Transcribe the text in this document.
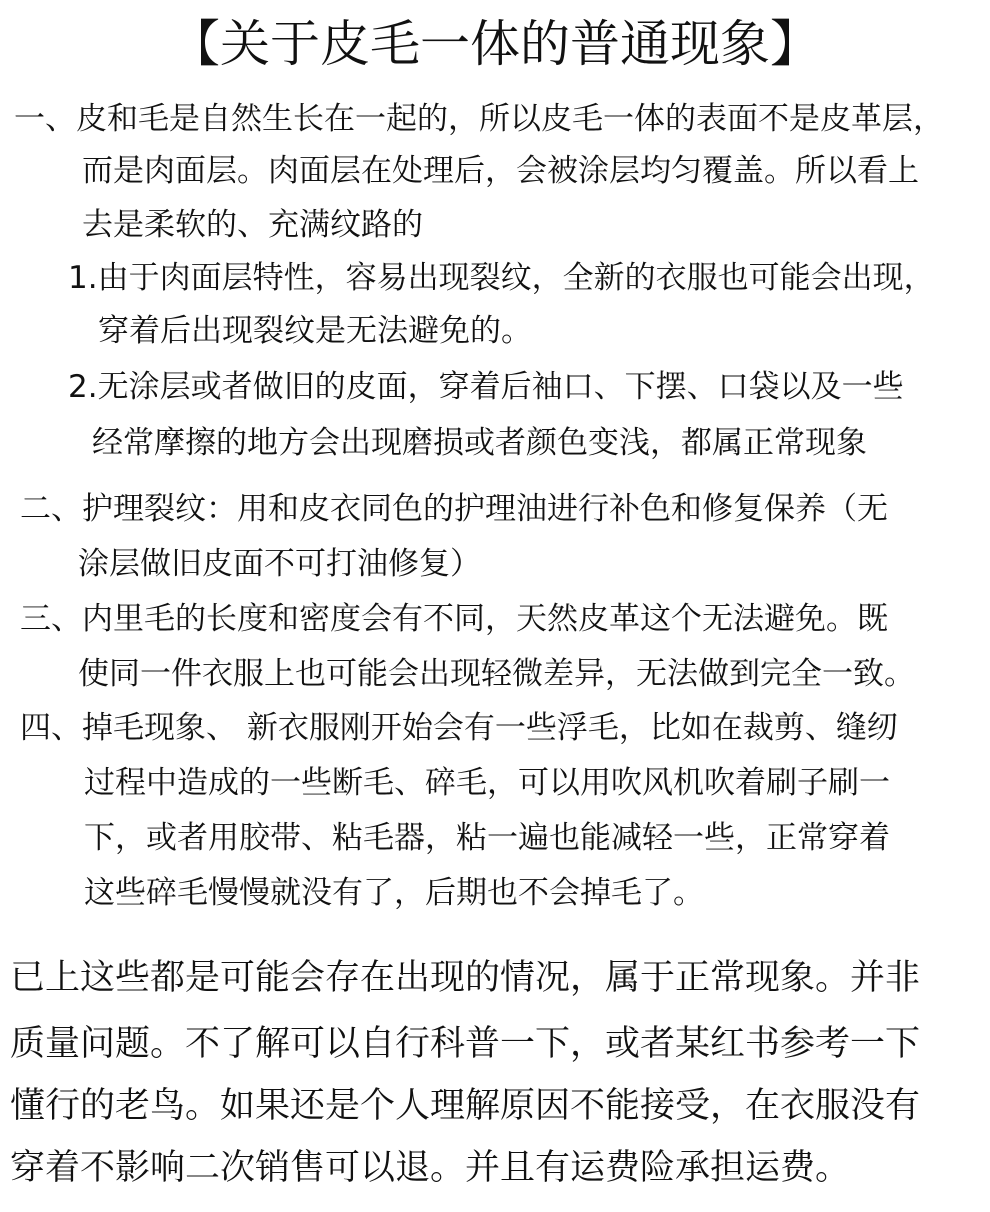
【关于皮毛一体的普通现象】
一、皮和毛是自然生长在一起的，所以皮毛一体的表面不是皮革层，
而是肉面层。肉面层在处理后，会被涂层均匀覆盖。所以看上
去是柔软的、充满纹路的
1.由于肉面层特性，容易出现裂纹，全新的衣服也可能会出现，
穿着后出现裂纹是无法避免的。
2.无涂层或者做旧的皮面，穿着后袖口、下摆、口袋以及一些
经常摩擦的地方会出现磨损或者颜色变浅，都属正常现象
二、护理裂纹：用和皮衣同色的护理油进行补色和修复保养（无
涂层做旧皮面不可打油修复）
三、内里毛的长度和密度会有不同，天然皮革这个无法避免。既
使同一件衣服上也可能会出现轻微差异，无法做到完全一致。
四、掉毛现象、 新衣服刚开始会有一些浮毛，比如在裁剪、缝纫
过程中造成的一些断毛、碎毛，可以用吹风机吹着刷子刷一
下，或者用胶带、粘毛器，粘一遍也能减轻一些，正常穿着
这些碎毛慢慢就没有了，后期也不会掉毛了。
已上这些都是可能会存在出现的情况，属于正常现象。并非
质量问题。不了解可以自行科普一下，或者某红书参考一下
懂行的老鸟。如果还是个人理解原因不能接受，在衣服没有
穿着不影响二次销售可以退。并且有运费险承担运费。
